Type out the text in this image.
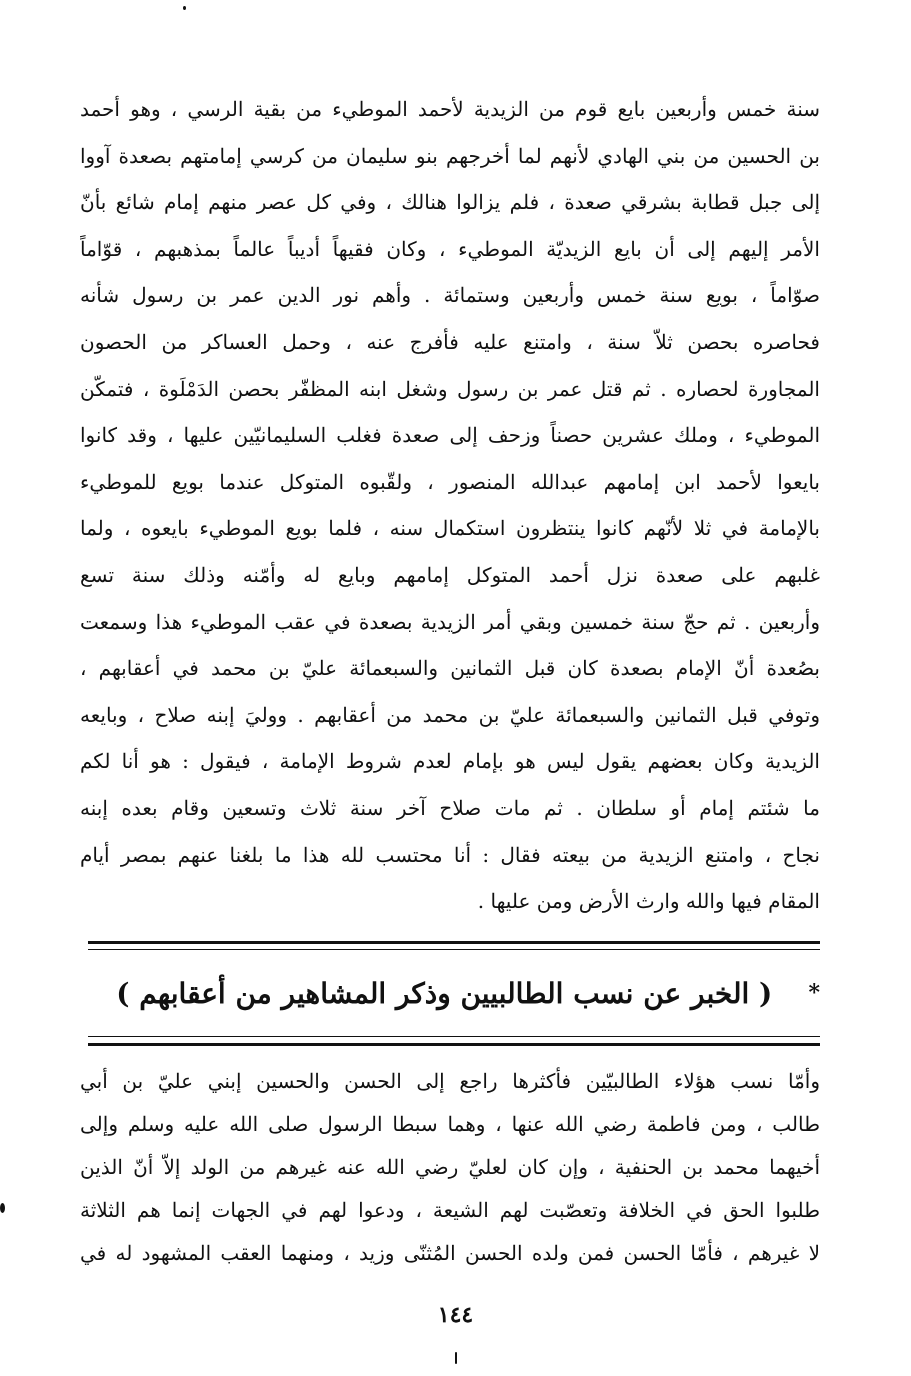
سنة خمس وأربعين بايع قوم من الزيدية لأحمد الموطيء من بقية الرسي ، وهو أحمد
بن الحسين من بني الهادي لأنهم لما أخرجهم بنو سليمان من كرسي إمامتهم بصعدة آووا
إلى جبل قطابة بشرقي صعدة ، فلم يزالوا هنالك ، وفي كل عصر منهم إمام شائع بأنّ
الأمر إليهم إلى أن بايع الزيديّة الموطيء ، وكان فقيهاً أديباً عالماً بمذهبهم ، قوّاماً
صوّاماً ، بويع سنة خمس وأربعين وستمائة . وأهم نور الدين عمر بن رسول شأنه
فحاصره بحصن ثلاّ سنة ، وامتنع عليه فأفرج عنه ، وحمل العساكر من الحصون
المجاورة لحصاره . ثم قتل عمر بن رسول وشغل ابنه المظفّر بحصن الدَمْلَوة ، فتمكّن
الموطيء ، وملك عشرين حصناً وزحف إلى صعدة فغلب السليمانيّين عليها ، وقد كانوا
بايعوا لأحمد ابن إمامهم عبدالله المنصور ، ولقّبوه المتوكل عندما بويع للموطيء
بالإمامة في ثلا لأنّهم كانوا ينتظرون استكمال سنه ، فلما بويع الموطيء بايعوه ، ولما
غلبهم على صعدة نزل أحمد المتوكل إمامهم وبايع له وأمّنه وذلك سنة تسع
وأربعين . ثم حجّ سنة خمسين وبقي أمر الزيدية بصعدة في عقب الموطيء هذا وسمعت
بصُعدة أنّ الإمام بصعدة كان قبل الثمانين والسبعمائة عليّ بن محمد في أعقابهم ،
وتوفي قبل الثمانين والسبعمائة عليّ بن محمد من أعقابهم . ووليَ إبنه صلاح ، وبايعه
الزيدية وكان بعضهم يقول ليس هو بإمام لعدم شروط الإمامة ، فيقول : هو أنا لكم
ما شئتم إمام أو سلطان . ثم مات صلاح آخر سنة ثلاث وتسعين وقام بعده إبنه
نجاح ، وامتنع الزيدية من بيعته فقال : أنا محتسب لله هذا ما بلغنا عنهم بمصر أيام
المقام فيها والله وارث الأرض ومن عليها .
*
( الخبر عن نسب الطالبيين وذكر المشاهير من أعقابهم )
وأمّا نسب هؤلاء الطالبيّين فأكثرها راجع إلى الحسن والحسين إبني عليّ بن أبي
طالب ، ومن فاطمة رضي الله عنها ، وهما سبطا الرسول صلى الله عليه وسلم وإلى
أخيهما محمد بن الحنفية ، وإن كان لعليّ رضي الله عنه غيرهم من الولد إلاّ أنّ الذين
طلبوا الحق في الخلافة وتعصّبت لهم الشيعة ، ودعوا لهم في الجهات إنما هم الثلاثة
لا غيرهم ، فأمّا الحسن فمن ولده الحسن المُثنّى وزيد ، ومنهما العقب المشهود له في
١٤٤
